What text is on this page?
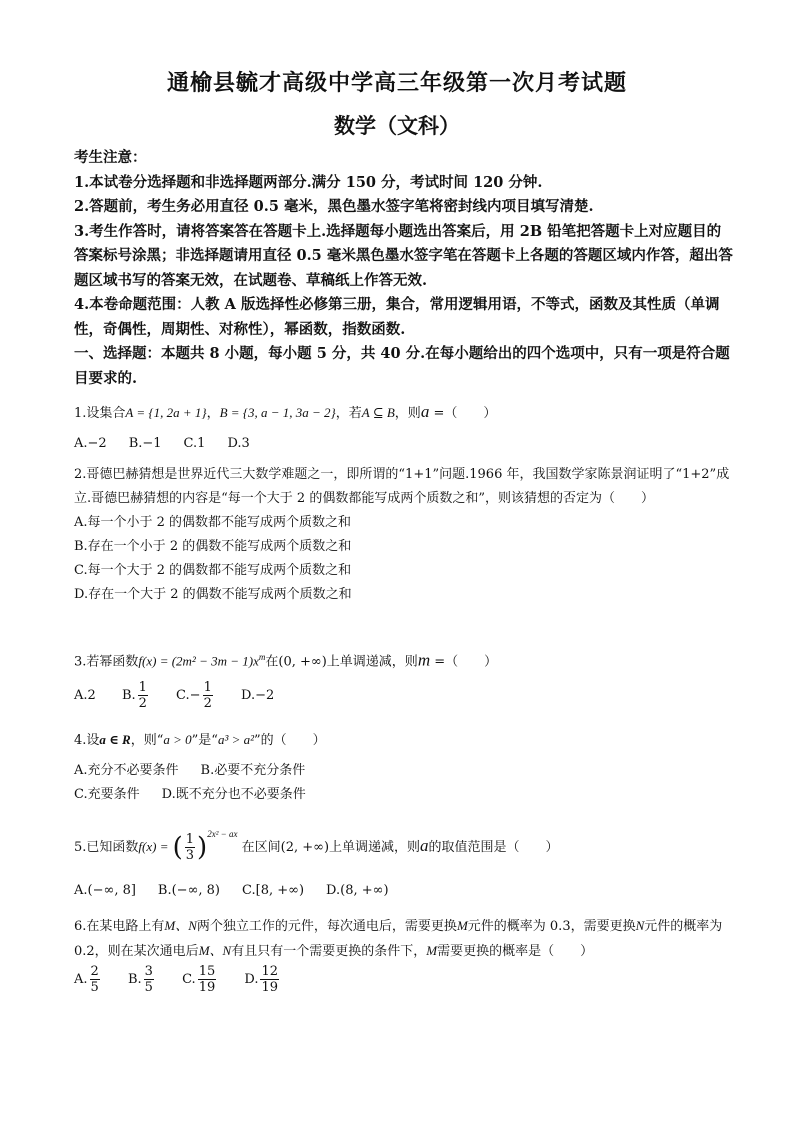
通榆县毓才高级中学高三年级第一次月考试题
数学（文科）

考生注意：

1.本试卷分选择题和非选择题两部分.满分 150 分，考试时间 120 分钟.

2.答题前，考生务必用直径 0.5 毫米，黑色墨水签字笔将密封线内项目填写清楚.

3.考生作答时，请将答案答在答题卡上.选择题每小题选出答案后，用 2B 铅笔把答题卡上对应题目的答案标号涂黑；非选择题请用直径 0.5 毫米黑色墨水签字笔在答题卡上各题的答题区域内作答，超出答题区域书写的答案无效，在试题卷、草稿纸上作答无效.

4.本卷命题范围：人教 A 版选择性必修第三册，集合，常用逻辑用语，不等式，函数及其性质（单调性，奇偶性，周期性、对称性），幂函数，指数函数.

一、选择题：本题共 8 小题，每小题 5 分，共 40 分.在每小题给出的四个选项中，只有一项是符合题目要求的.

1.设集合A = {1, 2a + 1}，B = {3, a − 1, 3a − 2}，若A ⊆ B，则a =（　　）

A.−2 B.−1 C.1 D.3

2.哥德巴赫猜想是世界近代三大数学难题之一，即所谓的“1+1”问题.1966 年，我国数学家陈景润证明了“1+2”成立.哥德巴赫猜想的内容是“每一个大于 2 的偶数都能写成两个质数之和”，则该猜想的否定为（　　）

A.每一个小于 2 的偶数都不能写成两个质数之和

B.存在一个小于 2 的偶数不能写成两个质数之和

C.每一个大于 2 的偶数都不能写成两个质数之和

D.存在一个大于 2 的偶数不能写成两个质数之和

3.若幂函数$f(x) = (2m^2 - 3m - 1)x^m$在(0, +∞)上单调递减，则m =（　　）

A.2 B. $\frac{1}{2} C.- \frac{1}{2} D.-2$

4.设a ∈ R，则“a > 0”是“a³ > a²”的（　　）

A.充分不必要条件 B.必要不充分条件

C.充要条件 D.既不充分也不必要条件

5.已知函数f(x) = ( $\frac{1}{3} )^{2x^2 - ax}$ 在区间(2, +∞)上单调递减，则a的取值范围是（　　）

A.(−∞, 8] B.(−∞, 8) C.[8, +∞) D.(8, +∞)

6.在某电路上有M、N两个独立工作的元件，每次通电后，需要更换M元件的概率为 0.3，需要更换N元件的概率为 0.2，则在某次通电后M、N有且只有一个需要更换的条件下，M需要更换的概率是（　　）

A. $\frac{2}{5} B$. $\frac{3}{5} C$. $\frac{15}{19} D$. $\frac{12}{19}$
